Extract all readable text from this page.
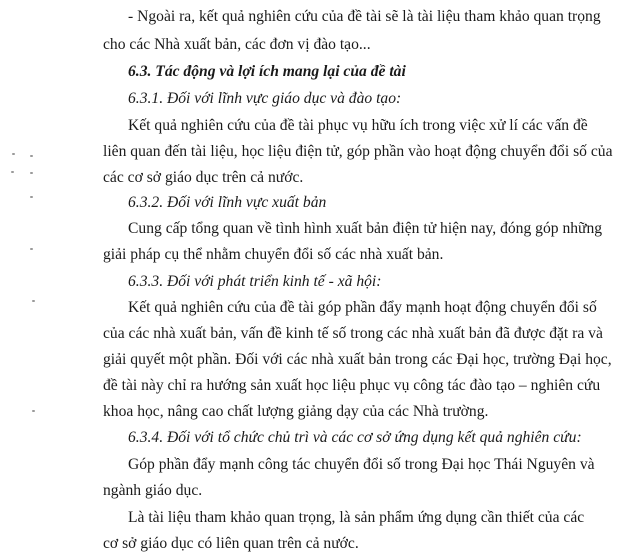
- Ngoài ra, kết quả nghiên cứu của đề tài sẽ là tài liệu tham khảo quan trọng
cho các Nhà xuất bản, các đơn vị đào tạo...
6.3. Tác động và lợi ích mang lại của đề tài
6.3.1. Đối với lĩnh vực giáo dục và đào tạo:
Kết quả nghiên cứu của đề tài phục vụ hữu ích trong việc xử lí các vấn đề
liên quan đến tài liệu, học liệu điện tử, góp phần vào hoạt động chuyển đổi số của
các cơ sở giáo dục trên cả nước.
6.3.2. Đối với lĩnh vực xuất bản
Cung cấp tổng quan về tình hình xuất bản điện tử hiện nay, đóng góp những
giải pháp cụ thể nhằm chuyển đổi số các nhà xuất bản.
6.3.3. Đối với phát triển kinh tế - xã hội:
Kết quả nghiên cứu của đề tài góp phần đẩy mạnh hoạt động chuyển đổi số
của các nhà xuất bản, vấn đề kinh tế số trong các nhà xuất bản đã được đặt ra và
giải quyết một phần. Đối với các nhà xuất bản trong các Đại học, trường Đại học,
đề tài này chỉ ra hướng sản xuất học liệu phục vụ công tác đào tạo – nghiên cứu
khoa học, nâng cao chất lượng giảng dạy của các Nhà trường.
6.3.4. Đối với tổ chức chủ trì và các cơ sở ứng dụng kết quả nghiên cứu:
Góp phần đẩy mạnh công tác chuyển đổi số trong Đại học Thái Nguyên và
ngành giáo dục.
Là tài liệu tham khảo quan trọng, là sản phẩm ứng dụng cần thiết của các
cơ sở giáo dục có liên quan trên cả nước.
